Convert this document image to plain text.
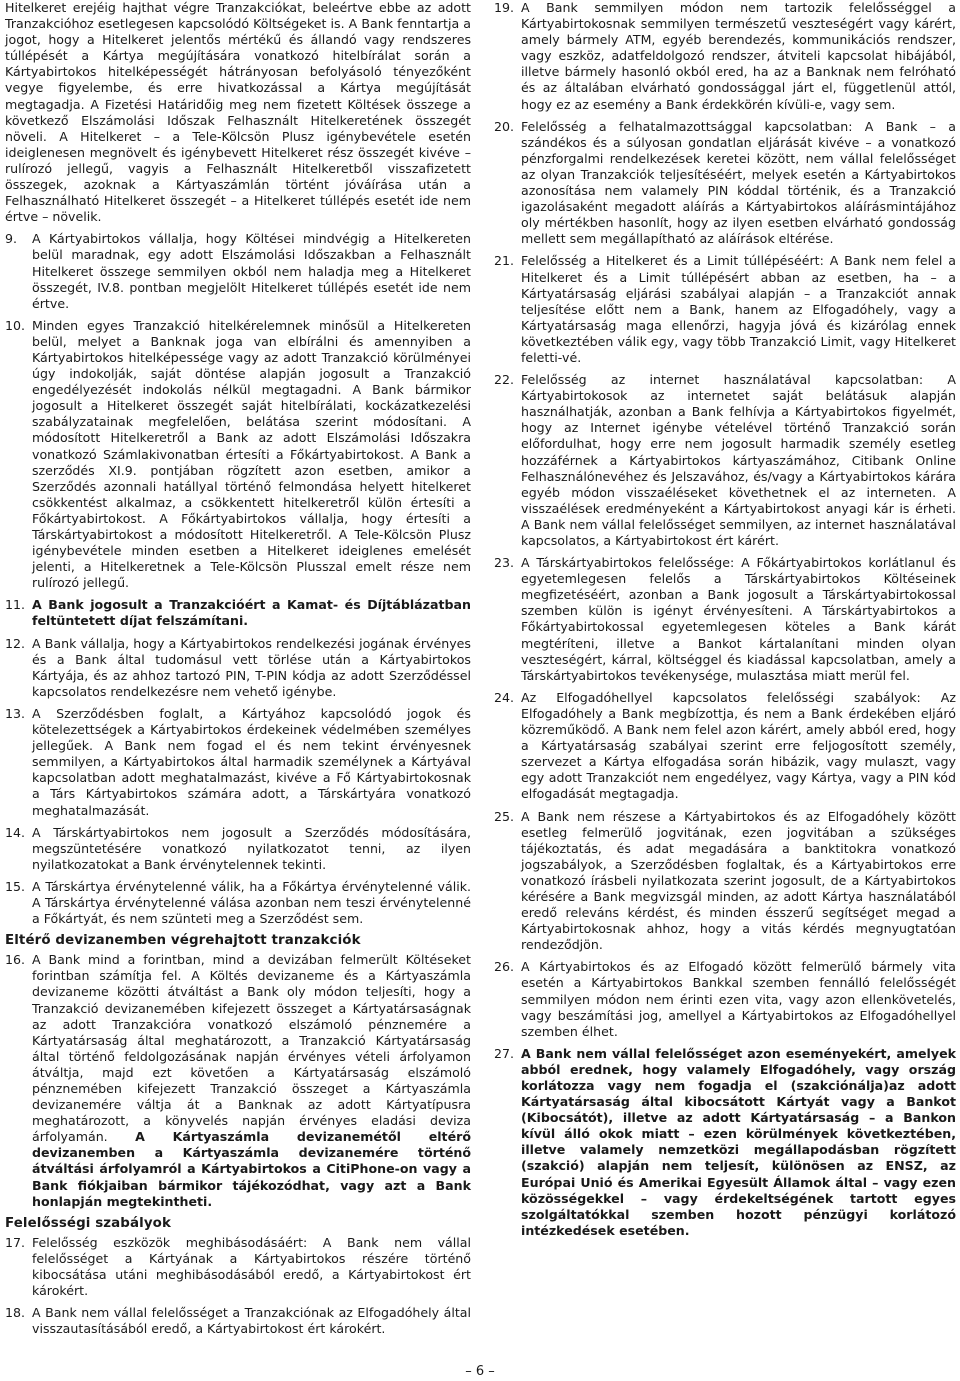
Hitelkeret erejéig hajthat végre Tranzakciókat, beleértve ebbe az adott Tranzakcióhoz esetlegesen kapcsolódó Költségeket is. A Bank fenntartja a jogot, hogy a Hitelkeret jelentős mértékű és állandó vagy rendszeres túllépését a Kártya megújítására vonatkozó hitelbírálat során a Kártyabirtokos hitelképességét hátrányosan befolyásoló tényezőként vegye figyelembe, és erre hivatkozással a Kártya megújítását megtagadja. A Fizetési Határidőig meg nem fizetett Költések összege a következő Elszámolási Időszak Felhasznált Hitelkeretének összegét növeli. A Hitelkeret – a Tele-Kölcsön Plusz igénybevétele esetén ideiglenesen megnövelt és igénybevett Hitelkeret rész összegét kivéve – rulírozó jellegű, vagyis a Felhasznált Hitelkeretből visszafizetett összegek, azoknak a Kártyaszámlán történt jóváírása után a Felhasználható Hitelkeret összegét – a Hitelkeret túllépés esetét ide nem értve – növelik.

9. A Kártyabirtokos vállalja, hogy Költései mindvégig a Hitelkereten belül maradnak, egy adott Elszámolási Időszakban a Felhasznált Hitelkeret összege semmilyen okból nem haladja meg a Hitelkeret összegét, IV.8. pontban megjelölt Hitelkeret túllépés esetét ide nem értve.

10. Minden egyes Tranzakció hitelkérelemnek minősül a Hitelkereten belül, melyet a Banknak joga van elbírálni és amennyiben a Kártyabirtokos hitelképessége vagy az adott Tranzakció körülményei úgy indokolják, saját döntése alapján jogosult a Tranzakció engedélyezését indokolás nélkül megtagadni. A Bank bármikor jogosult a Hitelkeret összegét saját hitelbírálati, kockázatkezelési szabályzatainak megfelelően, belátása szerint módosítani. A módosított Hitelkeretről a Bank az adott Elszámolási Időszakra vonatkozó Számlakivonatban értesíti a Főkártyabirtokost. A Bank a szerződés XI.9. pontjában rögzített azon esetben, amikor a Szerződés azonnali hatállyal történő felmondása helyett hitelkeret csökkentést alkalmaz, a csökkentett hitelkeretről külön értesíti a Főkártyabirtokost. A Főkártyabirtokos vállalja, hogy értesíti a Társkártyabirtokost a módosított Hitelkeretről. A Tele-Kölcsön Plusz igénybevétele minden esetben a Hitelkeret ideiglenes emelését jelenti, a Hitelkeretnek a Tele-Kölcsön Plusszal emelt része nem rulírozó jellegű.

11. A Bank jogosult a Tranzakcióért a Kamat- és Díjtáblázatban feltüntetett díjat felszámítani.

12. A Bank vállalja, hogy a Kártyabirtokos rendelkezési jogának érvényes és a Bank által tudomásul vett törlése után a Kártyabirtokos Kártyája, és az ahhoz tartozó PIN, T-PIN kódja az adott Szerződéssel kapcsolatos rendelkezésre nem vehető igénybe.

13. A Szerződésben foglalt, a Kártyához kapcsolódó jogok és kötelezettségek a Kártyabirtokos érdekeinek védelmében személyes jellegűek. A Bank nem fogad el és nem tekint érvényesnek semmilyen, a Kártyabirtokos által harmadik személynek a Kártyával kapcsolatban adott meghatalmazást, kivéve a Fő Kártyabirtokosnak a Társ Kártyabirtokos számára adott, a Társkártyára vonatkozó meghatalmazását.

14. A Társkártyabirtokos nem jogosult a Szerződés módosítására, megszüntetésére vonatkozó nyilatkozatot tenni, az ilyen nyilatkozatokat a Bank érvénytelennek tekinti.

15. A Társkártya érvénytelenné válik, ha a Főkártya érvénytelenné válik. A Társkártya érvénytelenné válása azonban nem teszi érvénytelenné a Főkártyát, és nem szünteti meg a Szerződést sem.

Eltérő devizanemben végrehajtott tranzakciók
16. A Bank mind a forintban, mind a devizában felmerült Költéseket forintban számítja fel. A Költés devizaneme és a Kártyaszámla devizaneme közötti átváltást a Bank oly módon teljesíti, hogy a Tranzakció devizanemében kifejezett összeget a Kártyatársaságnak az adott Tranzakcióra vonatkozó elszámoló pénznemére a Kártyatársaság által meghatározott, a Tranzakció Kártyatársaság által történő feldolgozásának napján érvényes vételi árfolyamon átváltja, majd ezt követően a Kártyatársaság elszámoló pénznemében kifejezett Tranzakció összeget a Kártyaszámla devizanemére váltja át a Banknak az adott Kártyatípusra meghatározott, a könyvelés napján érvényes eladási deviza árfolyamán. A Kártyaszámla devizanemétől eltérő devizanemben a Kártyaszámla devizanemére történő átváltási árfolyamról a Kártyabirtokos a CitiPhone-on vagy a Bank fiókjaiban bármikor tájékozódhat, vagy azt a Bank honlapján megtekintheti.

Felelősségi szabályok
17. Felelősség eszközök meghibásodásáért: A Bank nem vállal felelősséget a Kártyának a Kártyabirtokos részére történő kibocsátása utáni meghibásodásából eredő, a Kártyabirtokost ért károkért.

18. A Bank nem vállal felelősséget a Tranzakciónak az Elfogadóhely által visszautasításából eredő, a Kártyabirtokost ért károkért.

19. A Bank semmilyen módon nem tartozik felelősséggel a Kártyabirtokosnak semmilyen természetű veszteségért vagy kárért, amely bármely ATM, egyéb berendezés, kommunikációs rendszer, vagy eszköz, adatfeldolgozó rendszer, átviteli kapcsolat hibájából, illetve bármely hasonló okból ered, ha az a Banknak nem felróható és az általában elvárható gondossággal járt el, függetlenül attól, hogy ez az esemény a Bank érdekkörén kívüli-e, vagy sem.

20. Felelősség a felhatalmazottsággal kapcsolatban: A Bank – a szándékos és a súlyosan gondatlan eljárását kivéve – a vonatkozó pénzforgalmi rendelkezések keretei között, nem vállal felelősséget az olyan Tranzakciók teljesítéséért, melyek esetén a Kártyabirtokos azonosítása nem valamely PIN kóddal történik, és a Tranzakció igazolásaként megadott aláírás a Kártyabirtokos aláírásmintájához oly mértékben hasonlít, hogy az ilyen esetben elvárható gondosság mellett sem megállapítható az aláírások eltérése.

21. Felelősség a Hitelkeret és a Limit túllépéséért: A Bank nem felel a Hitelkeret és a Limit túllépésért abban az esetben, ha – a Kártyatársaság eljárási szabályai alapján – a Tranzakciót annak teljesítése előtt nem a Bank, hanem az Elfogadóhely, vagy a Kártyatársaság maga ellenőrzi, hagyja jóvá és kizárólag ennek következtében válik egy, vagy több Tranzakció Limit, vagy Hitelkeret feletti-vé.

22. Felelősség az internet használatával kapcsolatban: A Kártyabirtokosok az internetet saját belátásuk alapján használhatják, azonban a Bank felhívja a Kártyabirtokos figyelmét, hogy az Internet igénybe vételével történő Tranzakció során előfordulhat, hogy erre nem jogosult harmadik személy esetleg hozzáférnek a Kártyabirtokos kártyaszámához, Citibank Online Felhasználónevéhez és Jelszavához, és/vagy a Kártyabirtokos kárára egyéb módon visszaéléseket követhetnek el az interneten. A visszaélések eredményeként a Kártyabirtokost anyagi kár is érheti. A Bank nem vállal felelősséget semmilyen, az internet használatával kapcsolatos, a Kártyabirtokost ért kárért.

23. A Társkártyabirtokos felelőssége: A Főkártyabirtokos korlátlanul és egyetemlegesen felelős a Társkártyabirtokos Költéseinek megfizetéséért, azonban a Bank jogosult a Társkártyabirtokossal szemben külön is igényt érvényesíteni. A Társkártyabirtokos a Főkártyabirtokossal egyetemlegesen köteles a Bank kárát megtéríteni, illetve a Bankot kártalanítani minden olyan veszteségért, kárral, költséggel és kiadással kapcsolatban, amely a Társkártyabirtokos tevékenysége, mulasztása miatt merül fel.

24. Az Elfogadóhellyel kapcsolatos felelősségi szabályok: Az Elfogadóhely a Bank megbízottja, és nem a Bank érdekében eljáró közreműködő. A Bank nem felel azon kárért, amely abból ered, hogy a Kártyatársaság szabályai szerint erre feljogosított személy, szervezet a Kártya elfogadása során hibázik, vagy mulaszt, vagy egy adott Tranzakciót nem engedélyez, vagy Kártya, vagy a PIN kód elfogadását megtagadja.

25. A Bank nem részese a Kártyabirtokos és az Elfogadóhely között esetleg felmerülő jogvitának, ezen jogvitában a szükséges tájékoztatás, és adat megadására a banktitokra vonatkozó jogszabályok, a Szerződésben foglaltak, és a Kártyabirtokos erre vonatkozó írásbeli nyilatkozata szerint jogosult, de a Kártyabirtokos kérésére a Bank megvizsgál minden, az adott Kártya használatából eredő releváns kérdést, és minden ésszerű segítséget megad a Kártyabirtokosnak ahhoz, hogy a vitás kérdés megnyugtatóan rendeződjön.

26. A Kártyabirtokos és az Elfogadó között felmerülő bármely vita esetén a Kártyabirtokos Bankkal szemben fennálló felelősségét semmilyen módon nem érinti ezen vita, vagy azon ellenkövetelés, vagy beszámítási jog, amellyel a Kártyabirtokos az Elfogadóhellyel szemben élhet.

27. A Bank nem vállal felelősséget azon eseményekért, amelyek abból erednek, hogy valamely Elfogadóhely, vagy ország korlátozza vagy nem fogadja el (szakciónálja)az adott Kártyatársaság által kibocsátott Kártyát vagy a Bankot (Kibocsátót), illetve az adott Kártyatársaság – a Bankon kívül álló okok miatt – ezen körülmények következtében, illetve valamely nemzetközi megállapodásban rögzített (szakció) alapján nem teljesít, különösen az ENSZ, az Európai Unió és Amerikai Egyesült Államok által – vagy ezen közösségekkel – vagy érdekeltségének tartott egyes szolgáltatókkal szemben hozott pénzügyi korlátozó intézkedések esetében.

– 6 –
